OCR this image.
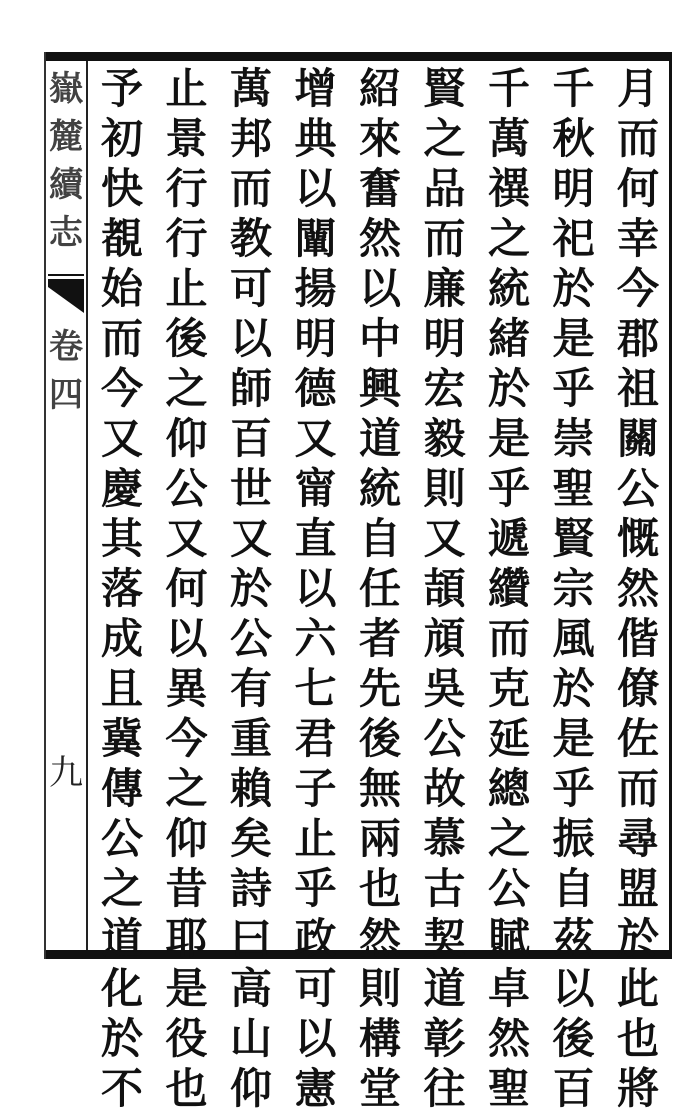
嶽
麓
續
志
卷
四
九
月
而
何
幸
今
郡
祖
關
公
慨
然
偕
僚
佐
而
尋
盟
於
此
也
將
千
秋
明
祀
於
是
乎
崇
聖
賢
宗
風
於
是
乎
振
自
茲
以
後
百
千
萬
禩
之
統
緒
於
是
乎
遞
纘
而
克
延
總
之
公
賦
卓
然
聖
賢
之
品
而
廉
明
宏
毅
則
又
頡
頏
吳
公
故
慕
古
契
道
彰
往
紹
來
奮
然
以
中
興
道
統
自
任
者
先
後
無
兩
也
然
則
構
堂
增
典
以
闡
揚
明
德
又
甯
直
以
六
七
君
子
止
乎
政
可
以
憲
萬
邦
而
教
可
以
師
百
世
又
於
公
有
重
賴
矣
詩
曰
高
山
仰
止
景
行
行
止
後
之
仰
公
又
何
以
異
今
之
仰
昔
耶
是
役
也
予
初
快
覩
始
而
今
又
慶
其
落
成
且
冀
傳
公
之
道
化
於
不
